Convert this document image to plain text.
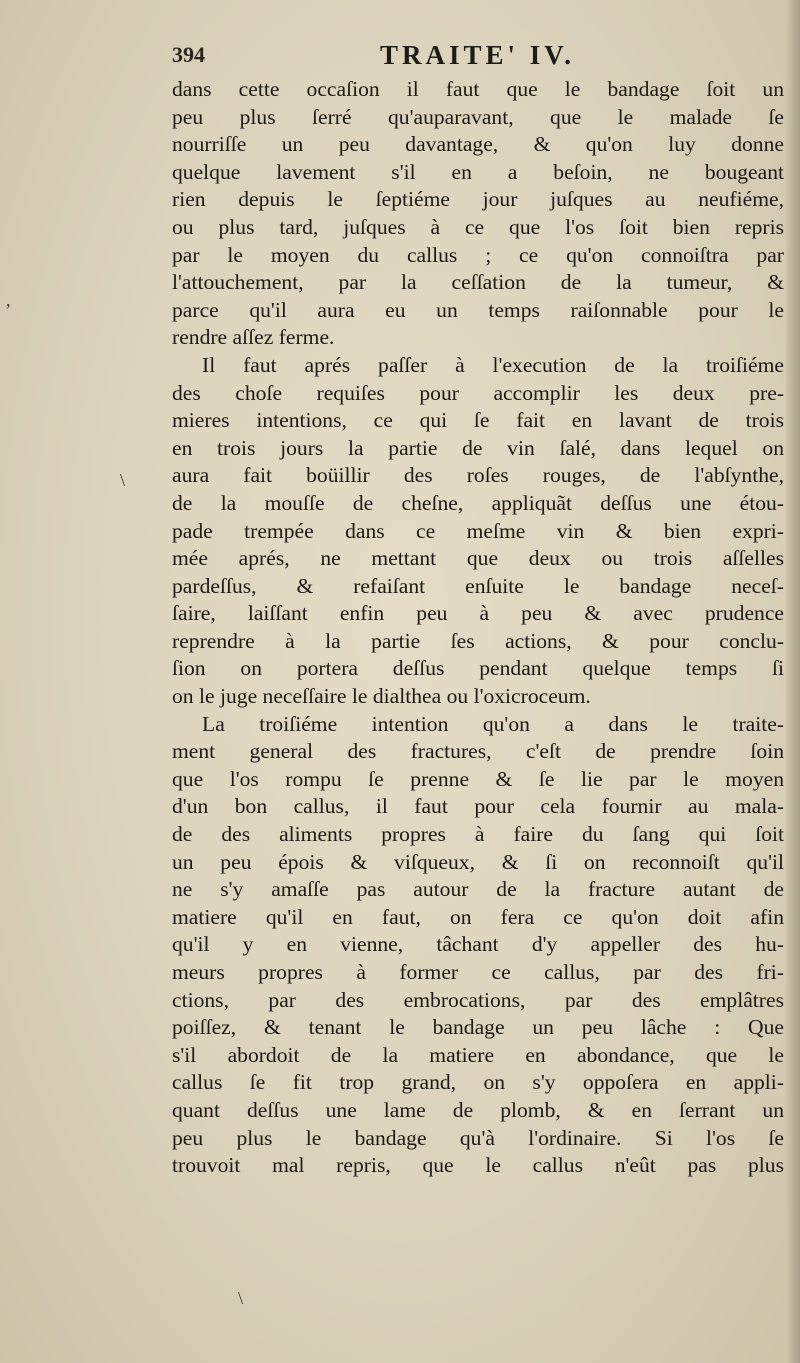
394	TRAITE' IV.
dans cette occaſion il faut que le bandage ſoit un
peu plus ſerré qu'auparavant, que le malade ſe
nourriſſe un peu davantage, & qu'on luy donne
quelque lavement s'il en a beſoin, ne bougeant
rien depuis le ſeptiéme jour juſques au neufiéme,
ou plus tard, juſques à ce que l'os ſoit bien repris
par le moyen du callus ; ce qu'on connoiſtra par
l'attouchement, par la ceſſation de la tumeur, &
parce qu'il aura eu un temps raiſonnable pour le
rendre aſſez ferme.
Il faut aprés paſſer à l'execution de la troiſiéme
des choſe requiſes pour accomplir les deux pre-
mieres intentions, ce qui ſe fait en lavant de trois
en trois jours la partie de vin ſalé, dans lequel on
aura fait boüillir des roſes rouges, de l'abſynthe,
de la mouſſe de cheſne, appliquãt deſſus une étou-
pade trempée dans ce meſme vin & bien expri-
mée aprés, ne mettant que deux ou trois aſſelles
pardeſſus, & refaiſant enſuite le bandage neceſ-
ſaire, laiſſant enfin peu à peu & avec prudence
reprendre à la partie ſes actions, & pour conclu-
ſion on portera deſſus pendant quelque temps ſi
on le juge neceſſaire le dialthea ou l'oxicroceum.
La troiſiéme intention qu'on a dans le traite-
ment general des fractures, c'eſt de prendre ſoin
que l'os rompu ſe prenne & ſe lie par le moyen
d'un bon callus, il faut pour cela fournir au mala-
de des aliments propres à faire du ſang qui ſoit
un peu épois & viſqueux, & ſi on reconnoiſt qu'il
ne s'y amaſſe pas autour de la fracture autant de
matiere qu'il en faut, on fera ce qu'on doit afin
qu'il y en vienne, tâchant d'y appeller des hu-
meurs propres à former ce callus, par des fri-
ctions, par des embrocations, par des emplâtres
poiſſez, & tenant le bandage un peu lâche : Que
s'il abordoit de la matiere en abondance, que le
callus ſe fit trop grand, on s'y oppoſera en appli-
quant deſſus une lame de plomb, & en ſerrant un
peu plus le bandage qu'à l'ordinaire. Si l'os ſe
trouvoit mal repris, que le callus n'eût pas plus
,
\
\
